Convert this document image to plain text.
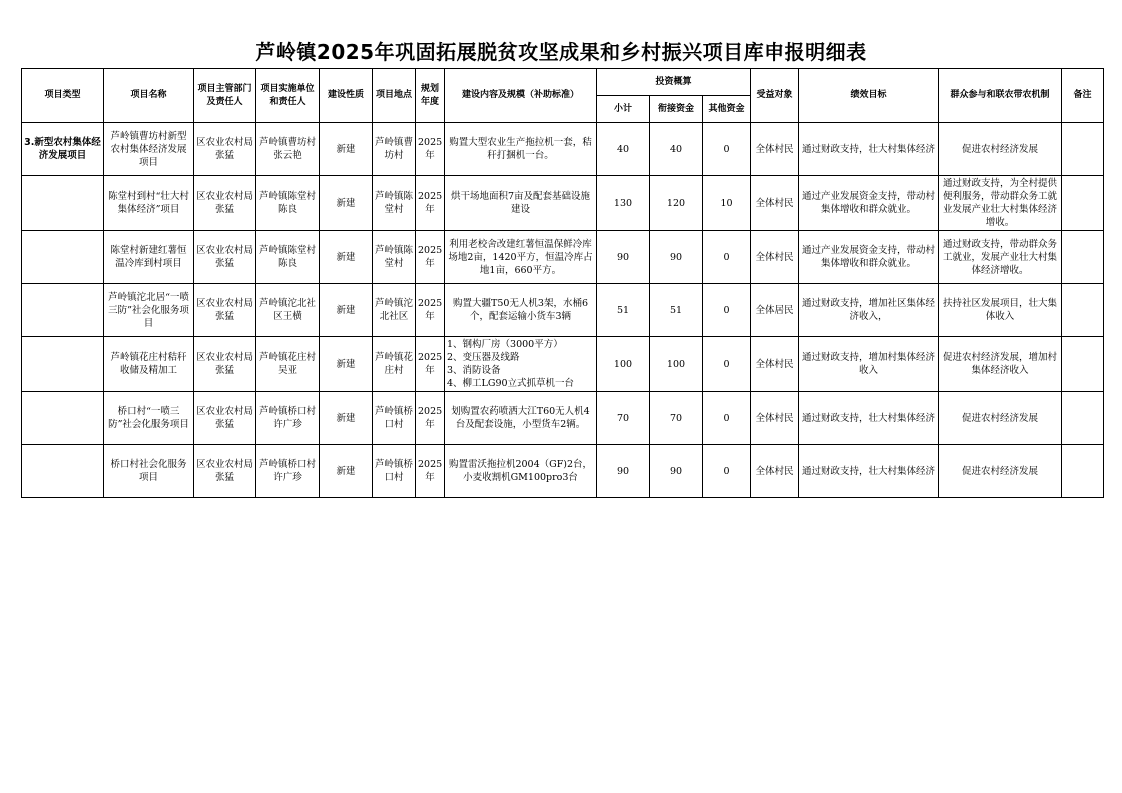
芦岭镇2025年巩固拓展脱贫攻坚成果和乡村振兴项目库申报明细表
项目类型	项目名称	项目主管部门及责任人	项目实施单位和责任人	建设性质	项目地点	规划年度	建设内容及规模（补助标准）	投资概算			受益对象	绩效目标	群众参与和联农带农机制	备注
								小计	衔接资金	其他资金				
3.新型农村集体经济发展项目	芦岭镇曹坊村新型农村集体经济发展项目	区农业农村局张猛	芦岭镇曹坊村张云艳	新建	芦岭镇曹坊村	2025年	购置大型农业生产拖拉机一套，秸秆打捆机一台。	40	40	0	全体村民	通过财政支持，壮大村集体经济	促进农村经济发展	
	陈堂村到村“壮大村集体经济”项目	区农业农村局张猛	芦岭镇陈堂村陈良	新建	芦岭镇陈堂村	2025年	烘干场地面积7亩及配套基础设施建设	130	120	10	全体村民	通过产业发展资金支持，带动村集体增收和群众就业。	通过财政支持，为全村提供便利服务，带动群众务工就业发展产业壮大村集体经济增收。	
	陈堂村新建红薯恒温冷库到村项目	区农业农村局张猛	芦岭镇陈堂村陈良	新建	芦岭镇陈堂村	2025年	利用老校舍改建红薯恒温保鲜冷库场地2亩，1420平方，恒温冷库占地1亩，660平方。	90	90	0	全体村民	通过产业发展资金支持，带动村集体增收和群众就业。	通过财政支持，带动群众务工就业，发展产业壮大村集体经济增收。	
	芦岭镇沱北居“一喷三防”社会化服务项目	区农业农村局张猛	芦岭镇沱北社区王横	新建	芦岭镇沱北社区	2025年	购置大疆T50无人机3架，水桶6个，配套运输小货车3辆	51	51	0	全体居民	通过财政支持，增加社区集体经济收入，	扶持社区发展项目，壮大集体收入	
	芦岭镇花庄村秸秆收储及精加工	区农业农村局张猛	芦岭镇花庄村吴亚	新建	芦岭镇花庄村	2025年	1、钢构厂房（3000平方）
2、变压器及线路
3、消防设备
4、柳工LG90立式抓草机一台	100	100	0	全体村民	通过财政支持，增加村集体经济收入	促进农村经济发展，增加村集体经济收入	
	桥口村“一喷三防”社会化服务项目	区农业农村局张猛	芦岭镇桥口村许广珍	新建	芦岭镇桥口村	2025年	划购置农药喷洒大江T60无人机4台及配套设施，小型货车2辆。	70	70	0	全体村民	通过财政支持，壮大村集体经济	促进农村经济发展	
	桥口村社会化服务项目	区农业农村局张猛	芦岭镇桥口村许广珍	新建	芦岭镇桥口村	2025年	购置雷沃拖拉机2004（GF)2台，小麦收割机GM100pro3台	90	90	0	全体村民	通过财政支持，壮大村集体经济	促进农村经济发展	
